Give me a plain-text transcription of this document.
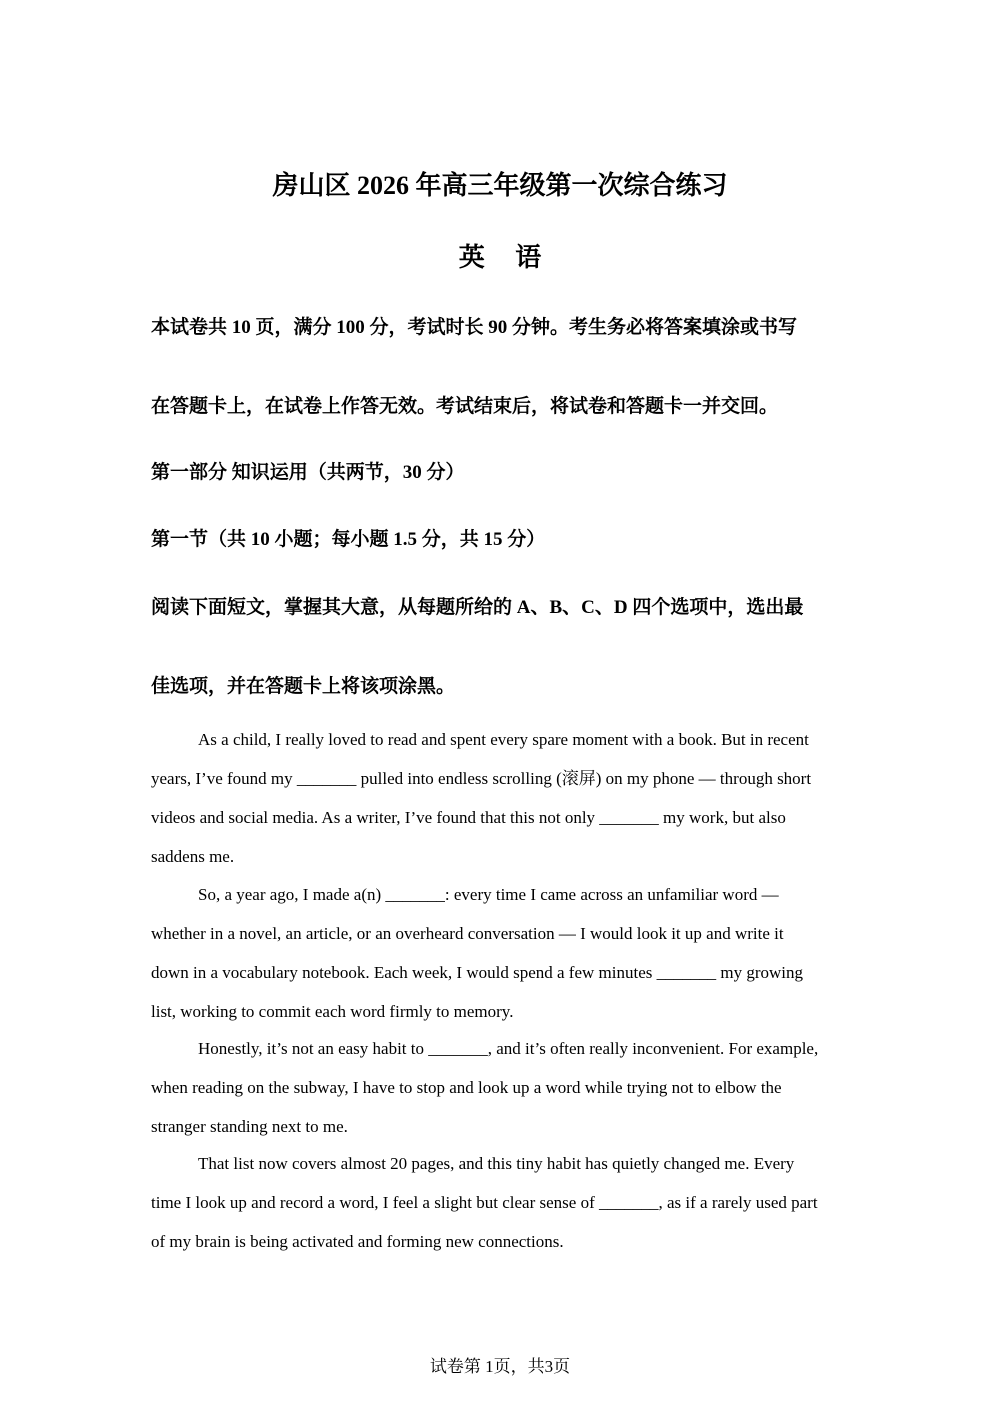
房山区 2026 年高三年级第一次综合练习
英 语
本试卷共 10 页，满分 100 分，考试时长 90 分钟。考生务必将答案填涂或书写
在答题卡上，在试卷上作答无效。考试结束后，将试卷和答题卡一并交回。
第一部分 知识运用（共两节，30 分）
第一节（共 10 小题；每小题 1.5 分，共 15 分）
阅读下面短文，掌握其大意，从每题所给的 A、B、C、D 四个选项中，选出最
佳选项，并在答题卡上将该项涂黑。
As a child, I really loved to read and spent every spare moment with a book. But in recent
years, I’ve found my _______ pulled into endless scrolling (滚屏) on my phone — through short
videos and social media. As a writer, I’ve found that this not only _______ my work, but also
saddens me.
So, a year ago, I made a(n) _______: every time I came across an unfamiliar word —
whether in a novel, an article, or an overheard conversation — I would look it up and write it
down in a vocabulary notebook. Each week, I would spend a few minutes _______ my growing
list, working to commit each word firmly to memory.
Honestly, it’s not an easy habit to _______, and it’s often really inconvenient. For example,
when reading on the subway, I have to stop and look up a word while trying not to elbow the
stranger standing next to me.
That list now covers almost 20 pages, and this tiny habit has quietly changed me. Every
time I look up and record a word, I feel a slight but clear sense of _______, as if a rarely used part
of my brain is being activated and forming new connections.
试卷第 1页，共3页
